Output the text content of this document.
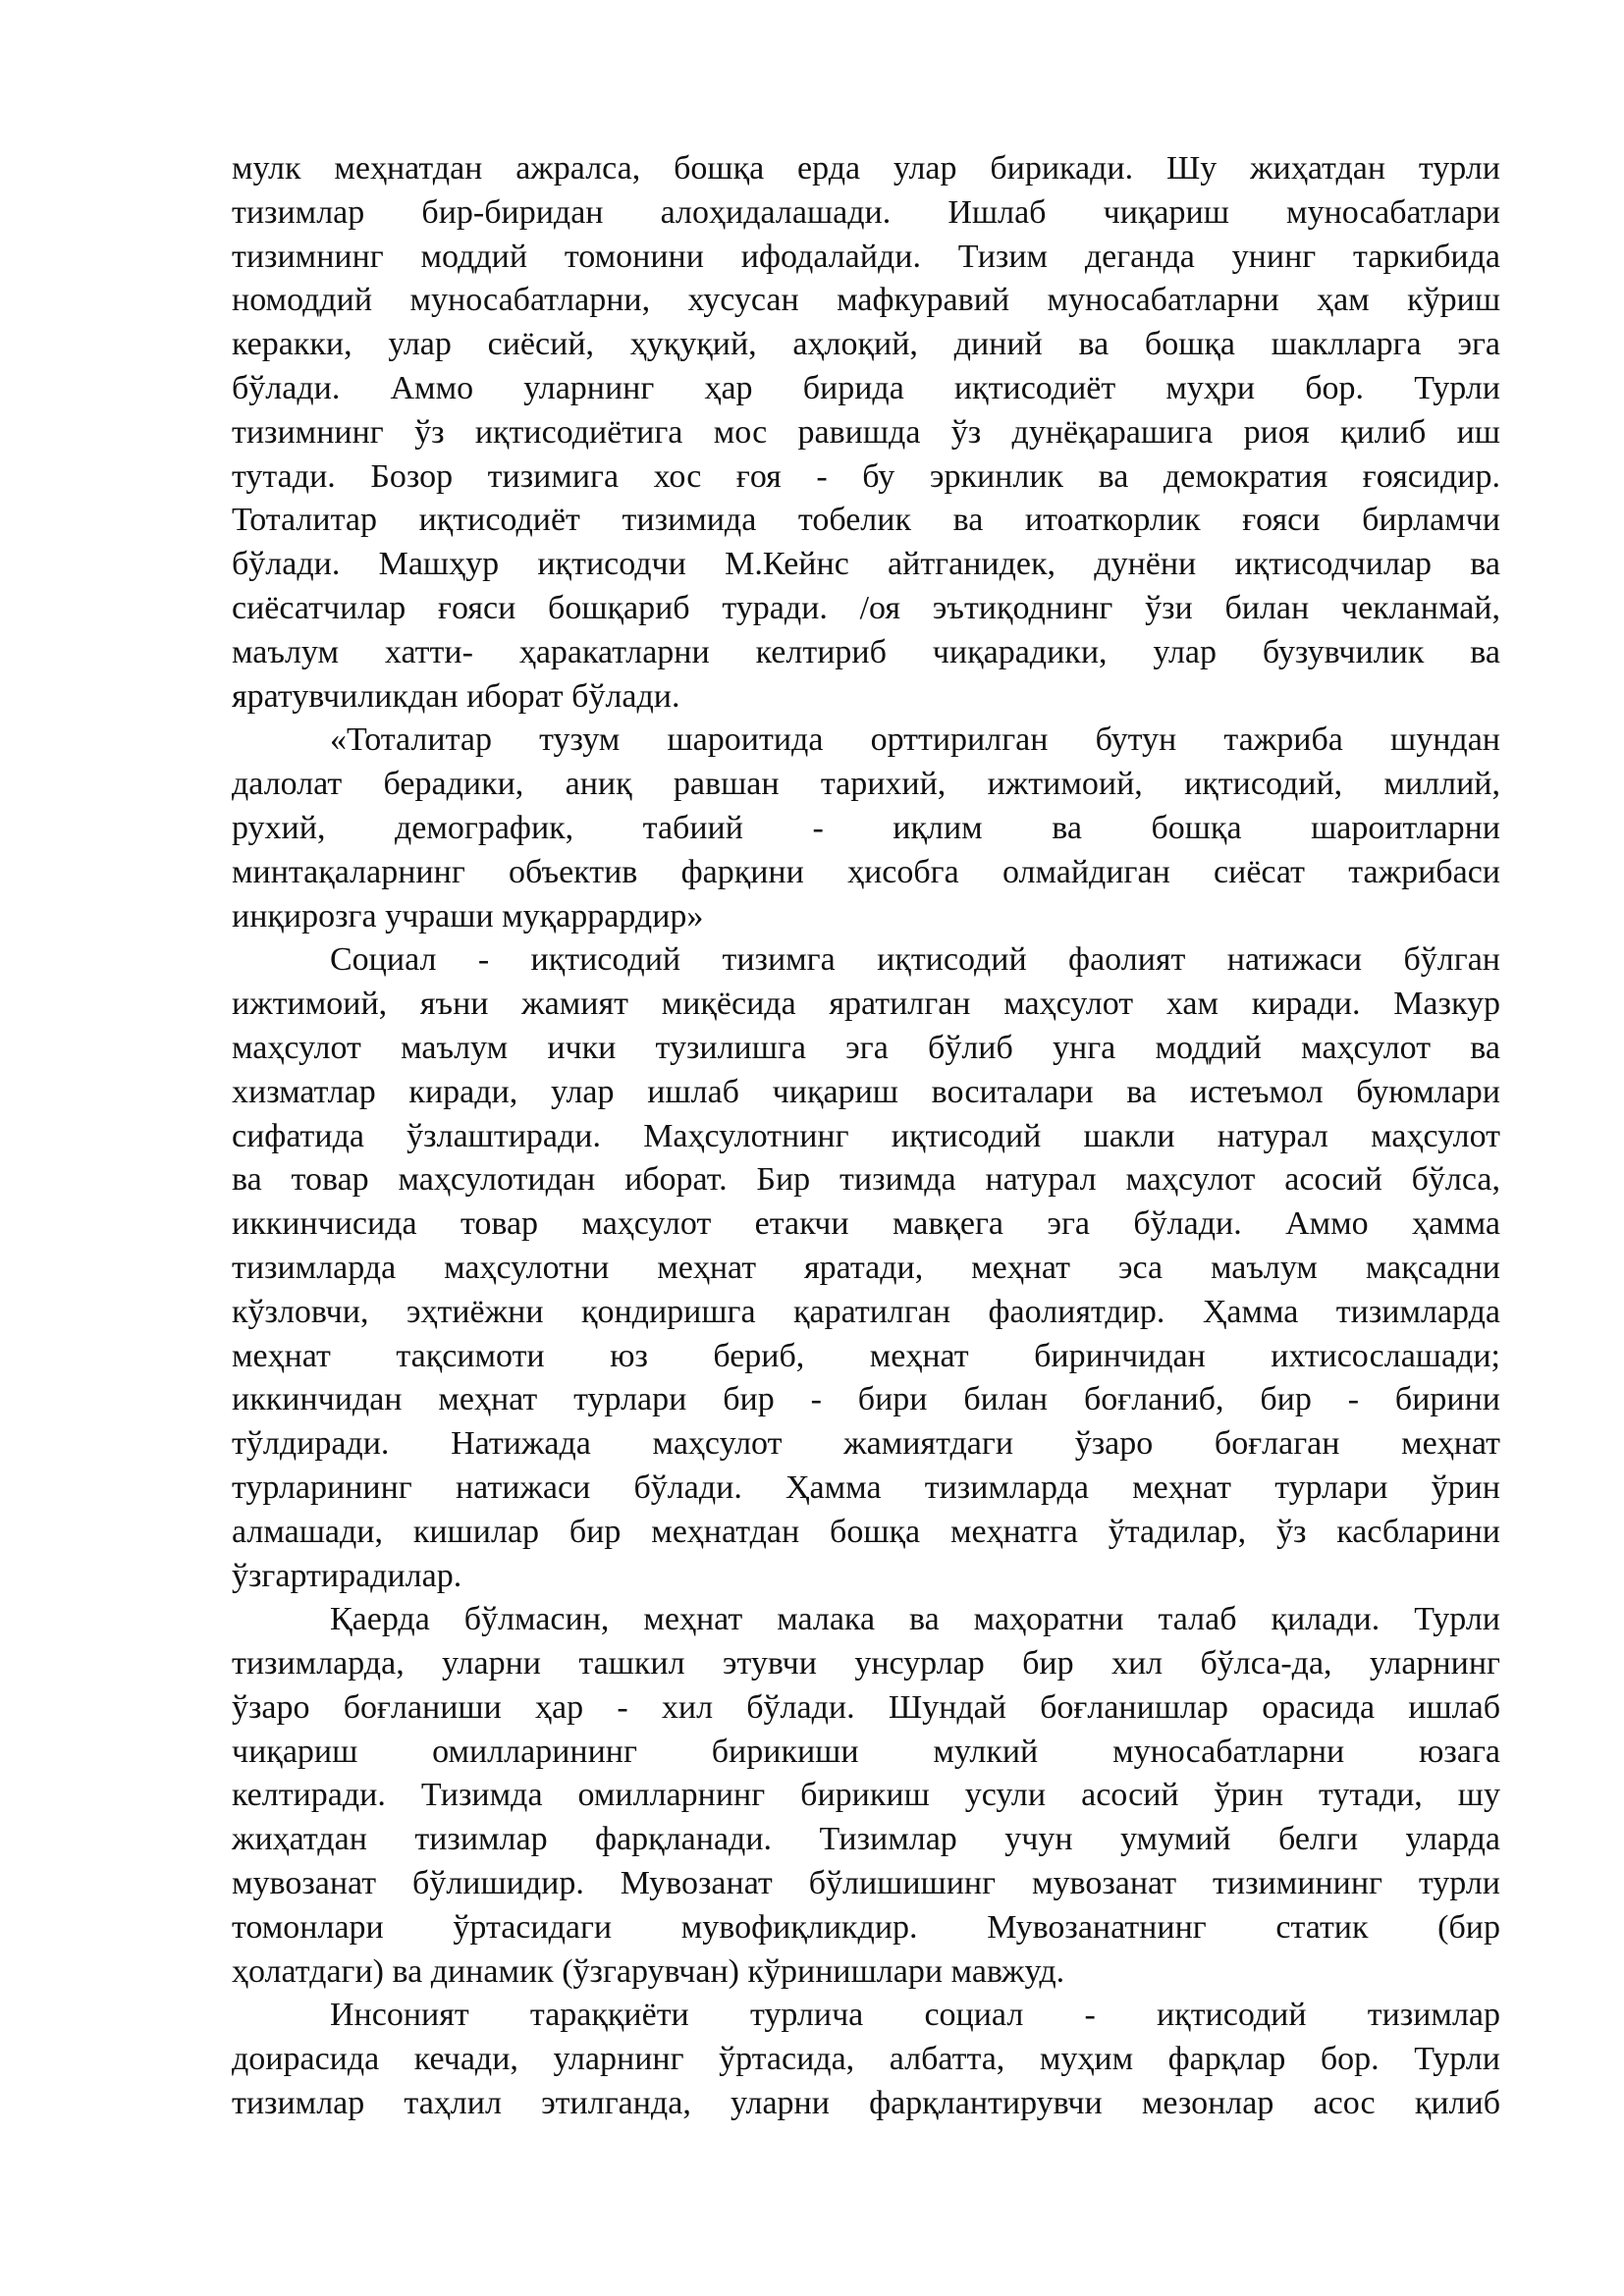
мулк меҳнатдан ажралса, бошқа ерда улар бирикади. Шу жиҳатдан турли
тизимлар бир-биридан алоҳидалашади. Ишлаб чиқариш муносабатлари
тизимнинг моддий томонини ифодалайди. Тизим деганда унинг таркибида
номоддий муносабатларни, хусусан мафкуравий муносабатларни ҳам кўриш
керакки, улар сиёсий, ҳуқуқий, аҳлоқий, диний ва бошқа шаклларга эга
бўлади. Аммо уларнинг ҳар бирида иқтисодиёт муҳри бор. Турли
тизимнинг ўз иқтисодиётига мос равишда ўз дунёқарашига риоя қилиб иш
тутади. Бозор тизимига хос ғоя - бу эркинлик ва демократия ғоясидир.
Тоталитар иқтисодиёт тизимида тобелик ва итоаткорлик ғояси бирламчи
бўлади. Машҳур иқтисодчи М.Кейнс айтганидек, дунёни иқтисодчилар ва
сиёсатчилар ғояси бошқариб туради. /оя эътиқоднинг ўзи билан чекланмай,
маълум хатти- ҳаракатларни келтириб чиқарадики, улар бузувчилик ва
яратувчиликдан иборат бўлади.
«Тоталитар тузум шароитида орттирилган бутун тажриба шундан
далолат берадики, аниқ равшан тарихий, ижтимоий, иқтисодий, миллий,
рухий, демографик, табиий - иқлим ва бошқа шароитларни
минтақаларнинг объектив фарқини ҳисобга олмайдиган сиёсат тажрибаси
инқирозга учраши муқаррардир»
Социал - иқтисодий тизимга иқтисодий фаолият натижаси бўлган
ижтимоий, яъни жамият миқёсида яратилган маҳсулот хам киради. Мазкур
маҳсулот маълум ички тузилишга эга бўлиб унга моддий маҳсулот ва
хизматлар киради, улар ишлаб чиқариш воситалари ва истеъмол буюмлари
сифатида ўзлаштиради. Маҳсулотнинг иқтисодий шакли натурал маҳсулот
ва товар маҳсулотидан иборат. Бир тизимда натурал маҳсулот асосий бўлса,
иккинчисида товар маҳсулот етакчи мавқега эга бўлади. Аммо ҳамма
тизимларда маҳсулотни меҳнат яратади, меҳнат эса маълум мақсадни
кўзловчи, эҳтиёжни қондиришга қаратилган фаолиятдир. Ҳамма тизимларда
меҳнат тақсимоти юз бериб, меҳнат биринчидан ихтисослашади;
иккинчидан меҳнат турлари бир - бири билан боғланиб, бир - бирини
тўлдиради. Натижада маҳсулот жамиятдаги ўзаро боғлаган меҳнат
турларининг натижаси бўлади. Ҳамма тизимларда меҳнат турлари ўрин
алмашади, кишилар бир меҳнатдан бошқа меҳнатга ўтадилар, ўз касбларини
ўзгартирадилар.
Қаерда бўлмасин, меҳнат малака ва маҳоратни талаб қилади. Турли
тизимларда, уларни ташкил этувчи унсурлар бир хил бўлса-да, уларнинг
ўзаро боғланиши ҳар - хил бўлади. Шундай боғланишлар орасида ишлаб
чиқариш омилларининг бирикиши мулкий муносабатларни юзага
келтиради. Тизимда омилларнинг бирикиш усули асосий ўрин тутади, шу
жиҳатдан тизимлар фарқланади. Тизимлар учун умумий белги уларда
мувозанат бўлишидир. Мувозанат бўлишишинг мувозанат тизимининг турли
томонлари ўртасидаги мувофиқликдир. Мувозанатнинг статик (бир
ҳолатдаги) ва динамик (ўзгарувчан) кўринишлари мавжуд.
Инсоният тараққиёти турлича социал - иқтисодий тизимлар
доирасида кечади, уларнинг ўртасида, албатта, муҳим фарқлар бор. Турли
тизимлар таҳлил этилганда, уларни фарқлантирувчи мезонлар асос қилиб
